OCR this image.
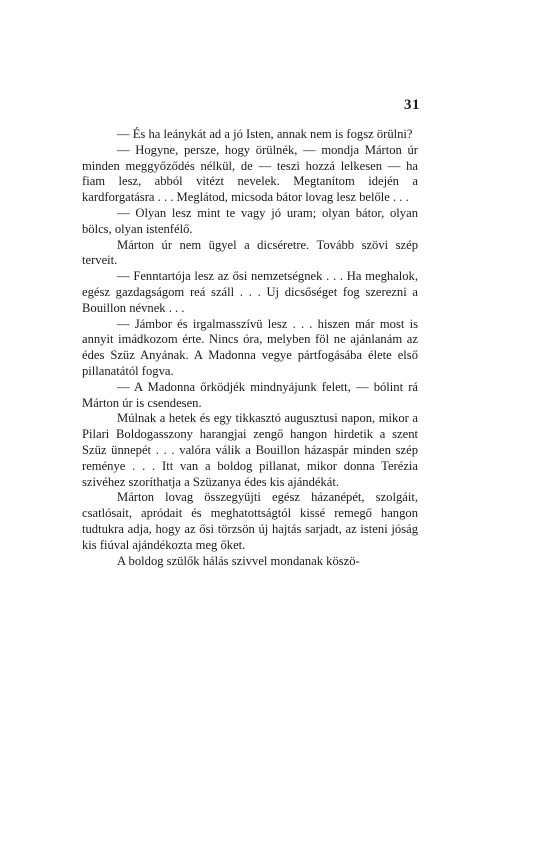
31

— És ha leánykát ad a jó Isten, annak nem is fogsz örülni?

— Hogyne, persze, hogy örülnék, — mondja Márton úr minden meggyőződés nélkül, de — teszi hozzá lelkesen — ha fiam lesz, abból vitézt nevelek. Megtanítom idején a kardforgatásra . . . Meglátod, micsoda bátor lovag lesz belőle . . .

— Olyan lesz mint te vagy jó uram; olyan bátor, olyan bölcs, olyan istenfélő.

Márton úr nem ügyel a dicséretre. Tovább szövi szép terveit.

— Fenntartója lesz az ősi nemzetségnek . . . Ha meghalok, egész gazdagságom reá száll . . . Uj dicsőséget fog szerezni a Bouillon névnek . . .

— Jámbor és irgalmasszívü lesz . . . hiszen már most is annyit imádkozom érte. Nincs óra, melyben föl ne ajánlanám az édes Szüz Anyának. A Madonna vegye pártfogásába élete első pillanatától fogva.

— A Madonna őrködjék mindnyájunk felett, — bólint rá Márton úr is csendesen.

Múlnak a hetek és egy tikkasztó augusztusi napon, mikor a Pilari Boldogasszony harangjai zengő hangon hirdetik a szent Szüz ünnepét . . . valóra válik a Bouillon házaspár minden szép reménye . . . Itt van a boldog pillanat, mikor donna Terézia szivéhez szoríthatja a Szüzanya édes kis ajándékát.

Márton lovag összegyüjti egész házanépét, szolgáit, csatlósait, apródait és meghatottságtól kissé remegő hangon tudtukra adja, hogy az ősi törzsön új hajtás sarjadt, az isteni jóság kis fiúval ajándékozta meg őket.

A boldog szülők hálás szivvel mondanak köszö-
